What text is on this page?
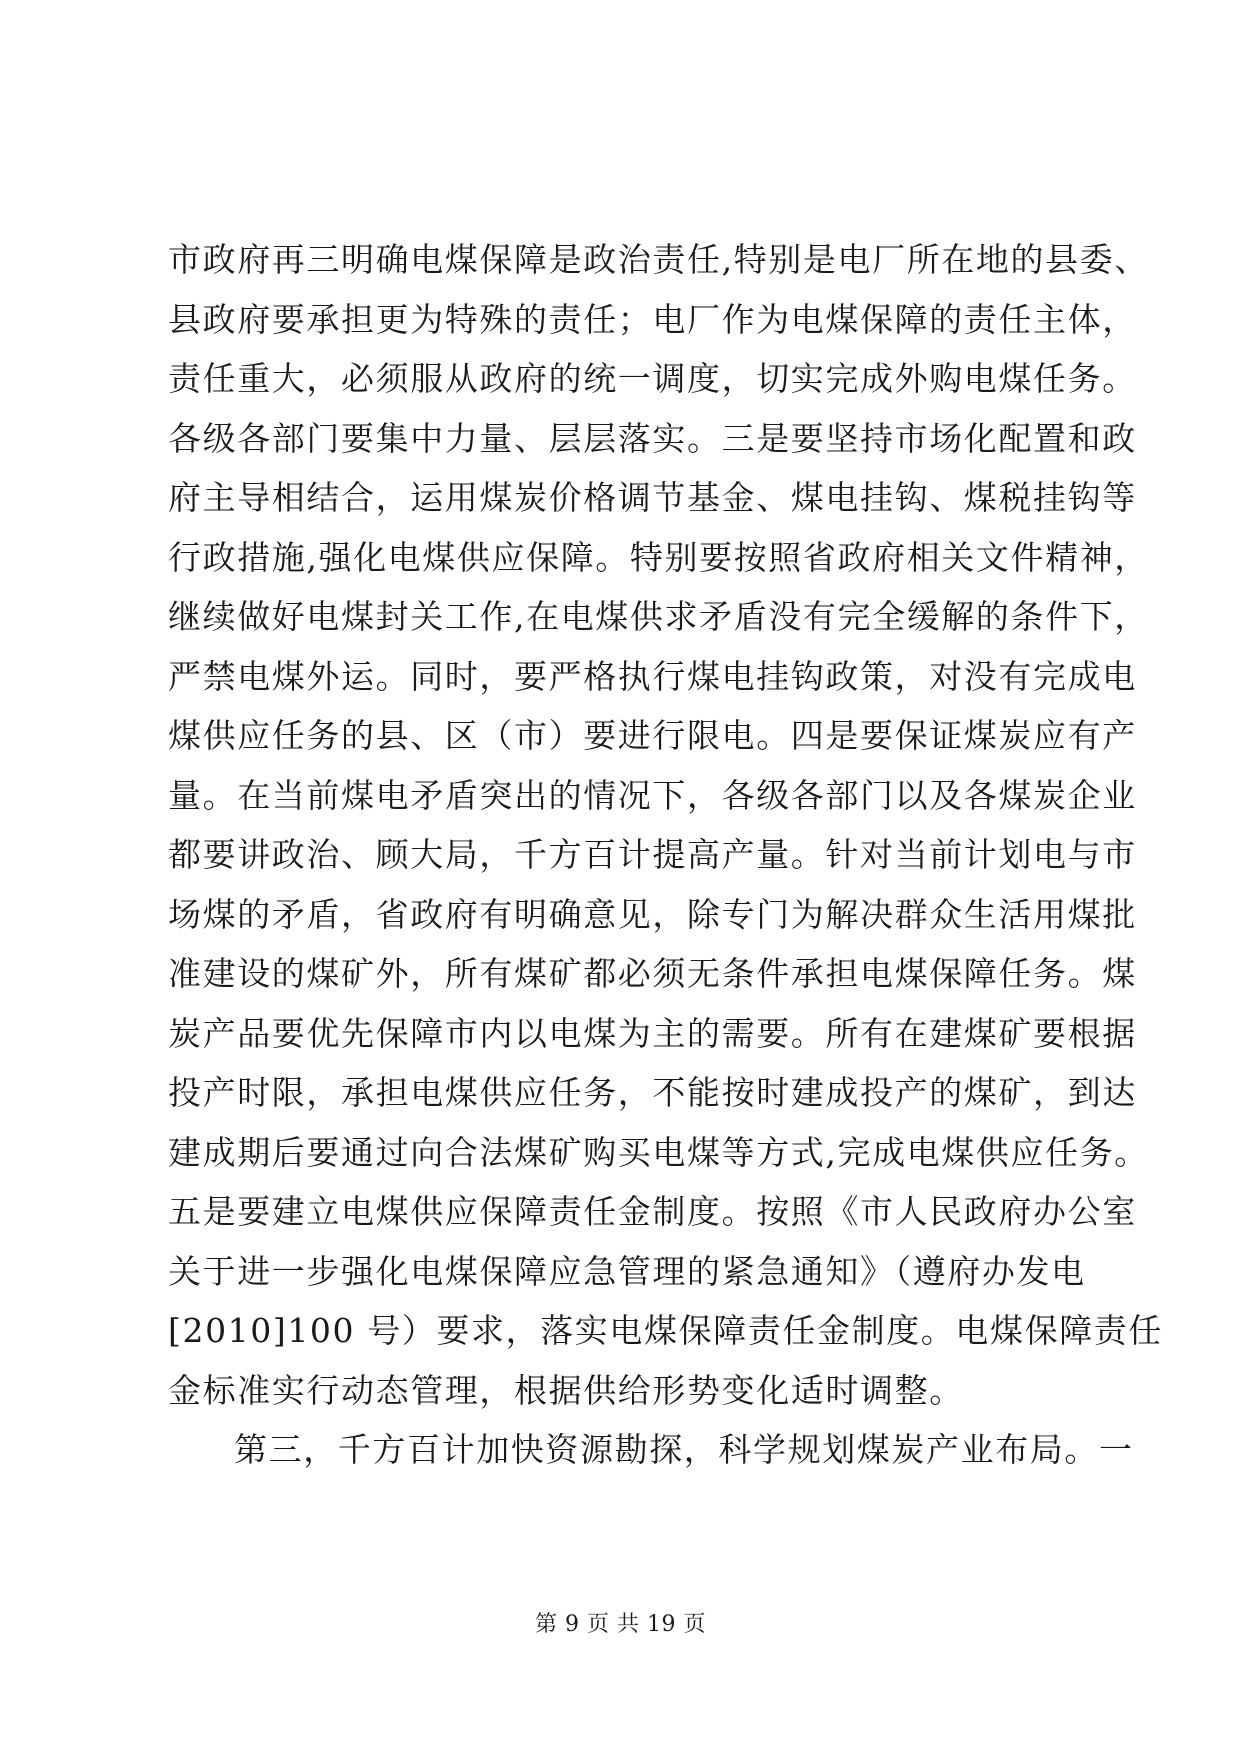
市政府再三明确电煤保障是政治责任,特别是电厂所在地的县委、
县政府要承担更为特殊的责任；电厂作为电煤保障的责任主体，
责任重大，必须服从政府的统一调度，切实完成外购电煤任务。
各级各部门要集中力量、层层落实。三是要坚持市场化配置和政
府主导相结合，运用煤炭价格调节基金、煤电挂钩、煤税挂钩等
行政措施,强化电煤供应保障。特别要按照省政府相关文件精神，
继续做好电煤封关工作,在电煤供求矛盾没有完全缓解的条件下，
严禁电煤外运。同时，要严格执行煤电挂钩政策，对没有完成电
煤供应任务的县、区（市）要进行限电。四是要保证煤炭应有产
量。在当前煤电矛盾突出的情况下，各级各部门以及各煤炭企业
都要讲政治、顾大局，千方百计提高产量。针对当前计划电与市
场煤的矛盾，省政府有明确意见，除专门为解决群众生活用煤批
准建设的煤矿外，所有煤矿都必须无条件承担电煤保障任务。煤
炭产品要优先保障市内以电煤为主的需要。所有在建煤矿要根据
投产时限，承担电煤供应任务，不能按时建成投产的煤矿，到达
建成期后要通过向合法煤矿购买电煤等方式,完成电煤供应任务。
五是要建立电煤供应保障责任金制度。按照《市人民政府办公室
关于进一步强化电煤保障应急管理的紧急通知》（遵府办发电
[2010]100 号）要求，落实电煤保障责任金制度。电煤保障责任
金标准实行动态管理，根据供给形势变化适时调整。
第三，千方百计加快资源勘探，科学规划煤炭产业布局。一
第 9 页 共 19 页
